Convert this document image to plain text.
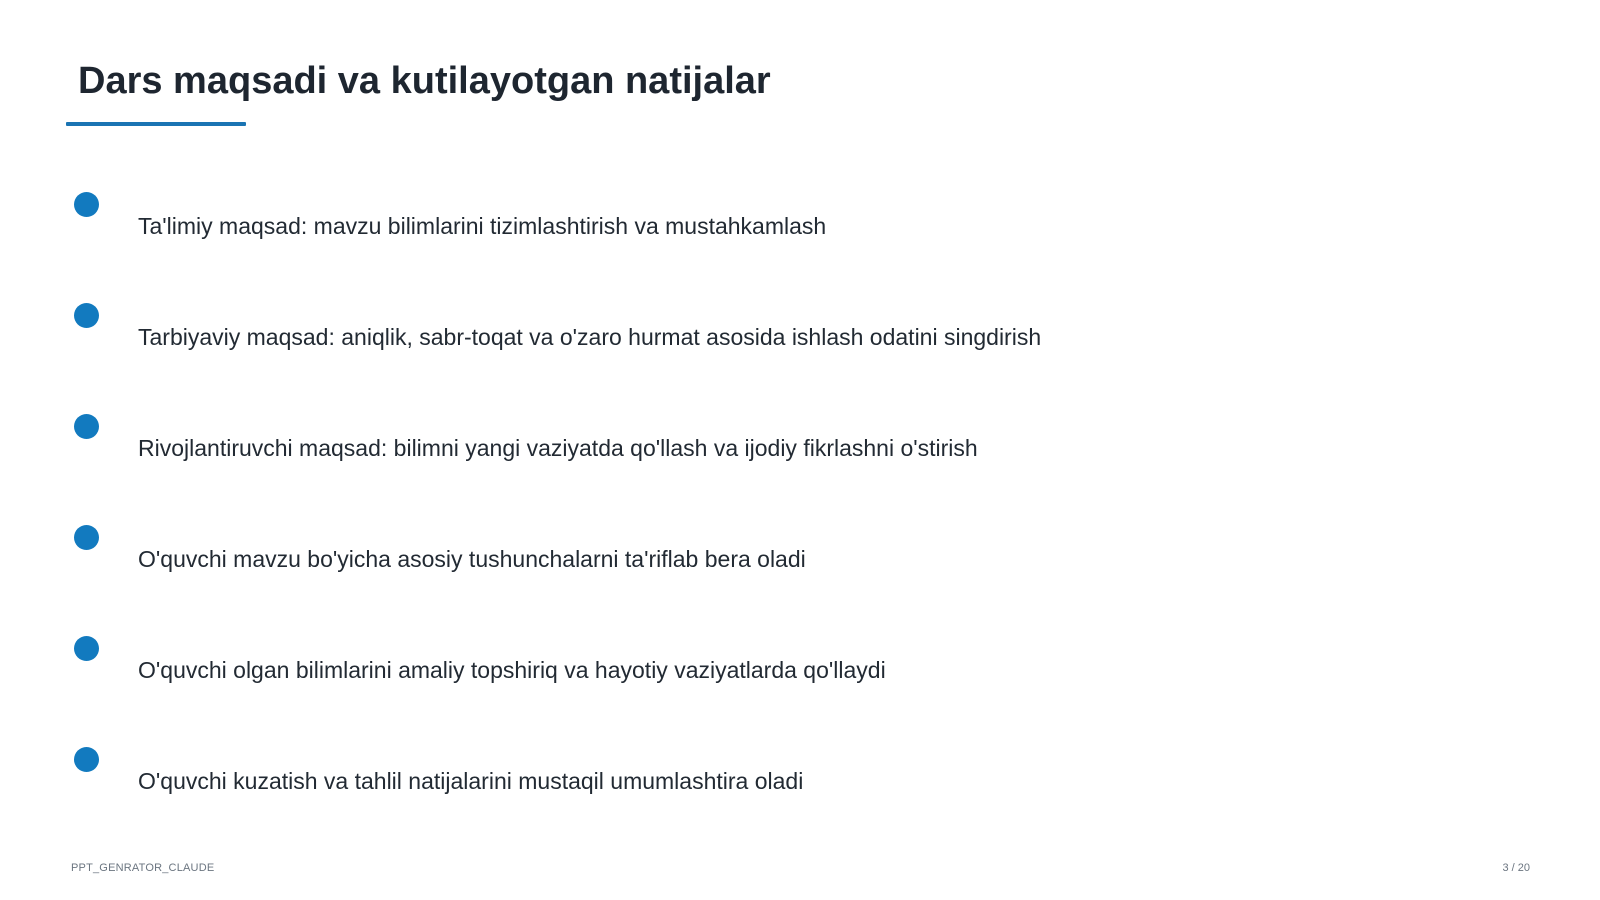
Dars maqsadi va kutilayotgan natijalar
Ta'limiy maqsad: mavzu bilimlarini tizimlashtirish va mustahkamlash
Tarbiyaviy maqsad: aniqlik, sabr-toqat va o'zaro hurmat asosida ishlash odatini singdirish
Rivojlantiruvchi maqsad: bilimni yangi vaziyatda qo'llash va ijodiy fikrlashni o'stirish
O'quvchi mavzu bo'yicha asosiy tushunchalarni ta'riflab bera oladi
O'quvchi olgan bilimlarini amaliy topshiriq va hayotiy vaziyatlarda qo'llaydi
O'quvchi kuzatish va tahlil natijalarini mustaqil umumlashtira oladi
PPT_GENRATOR_CLAUDE	3 / 20
